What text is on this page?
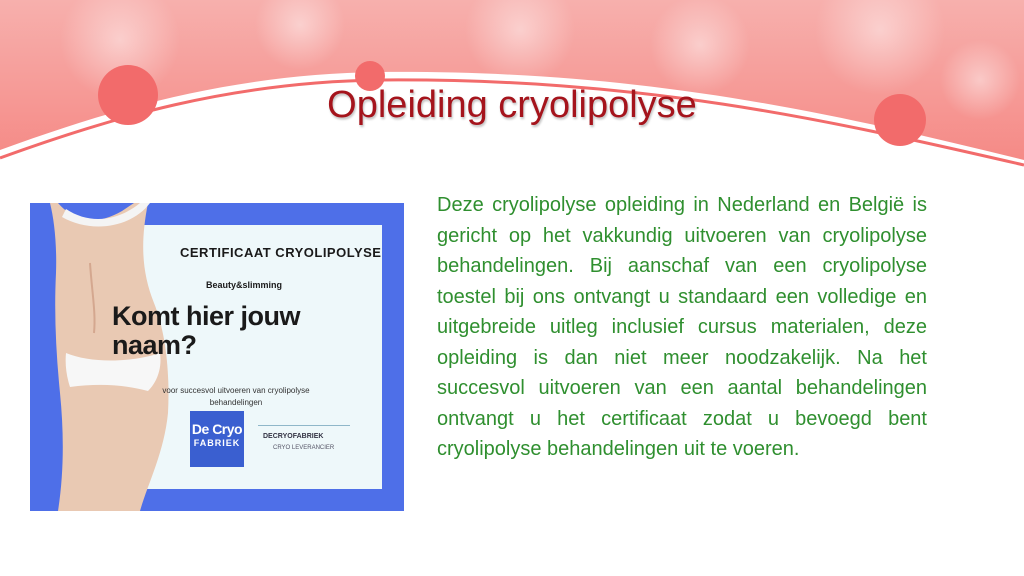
Opleiding cryolipolyse
CERTIFICAAT CRYOLIPOLYSE
Beauty&slimming
Komt hier jouw naam?
voor succesvol uitvoeren van cryolipolyse behandelingen
De Cryo
FABRIEK
DECRYOFABRIEK
CRYO LEVERANCIER
Deze cryolipolyse opleiding in Nederland en België is gericht op het vakkundig uitvoeren van cryolipolyse behandelingen. Bij aanschaf van een cryolipolyse toestel bij ons ontvangt u standaard een volledige en uitgebreide uitleg inclusief cursus materialen, deze opleiding is dan niet meer noodzakelijk. Na het succesvol uitvoeren van een aantal behandelingen ontvangt u het certificaat zodat u bevoegd bent cryolipolyse behandelingen uit te voeren.
